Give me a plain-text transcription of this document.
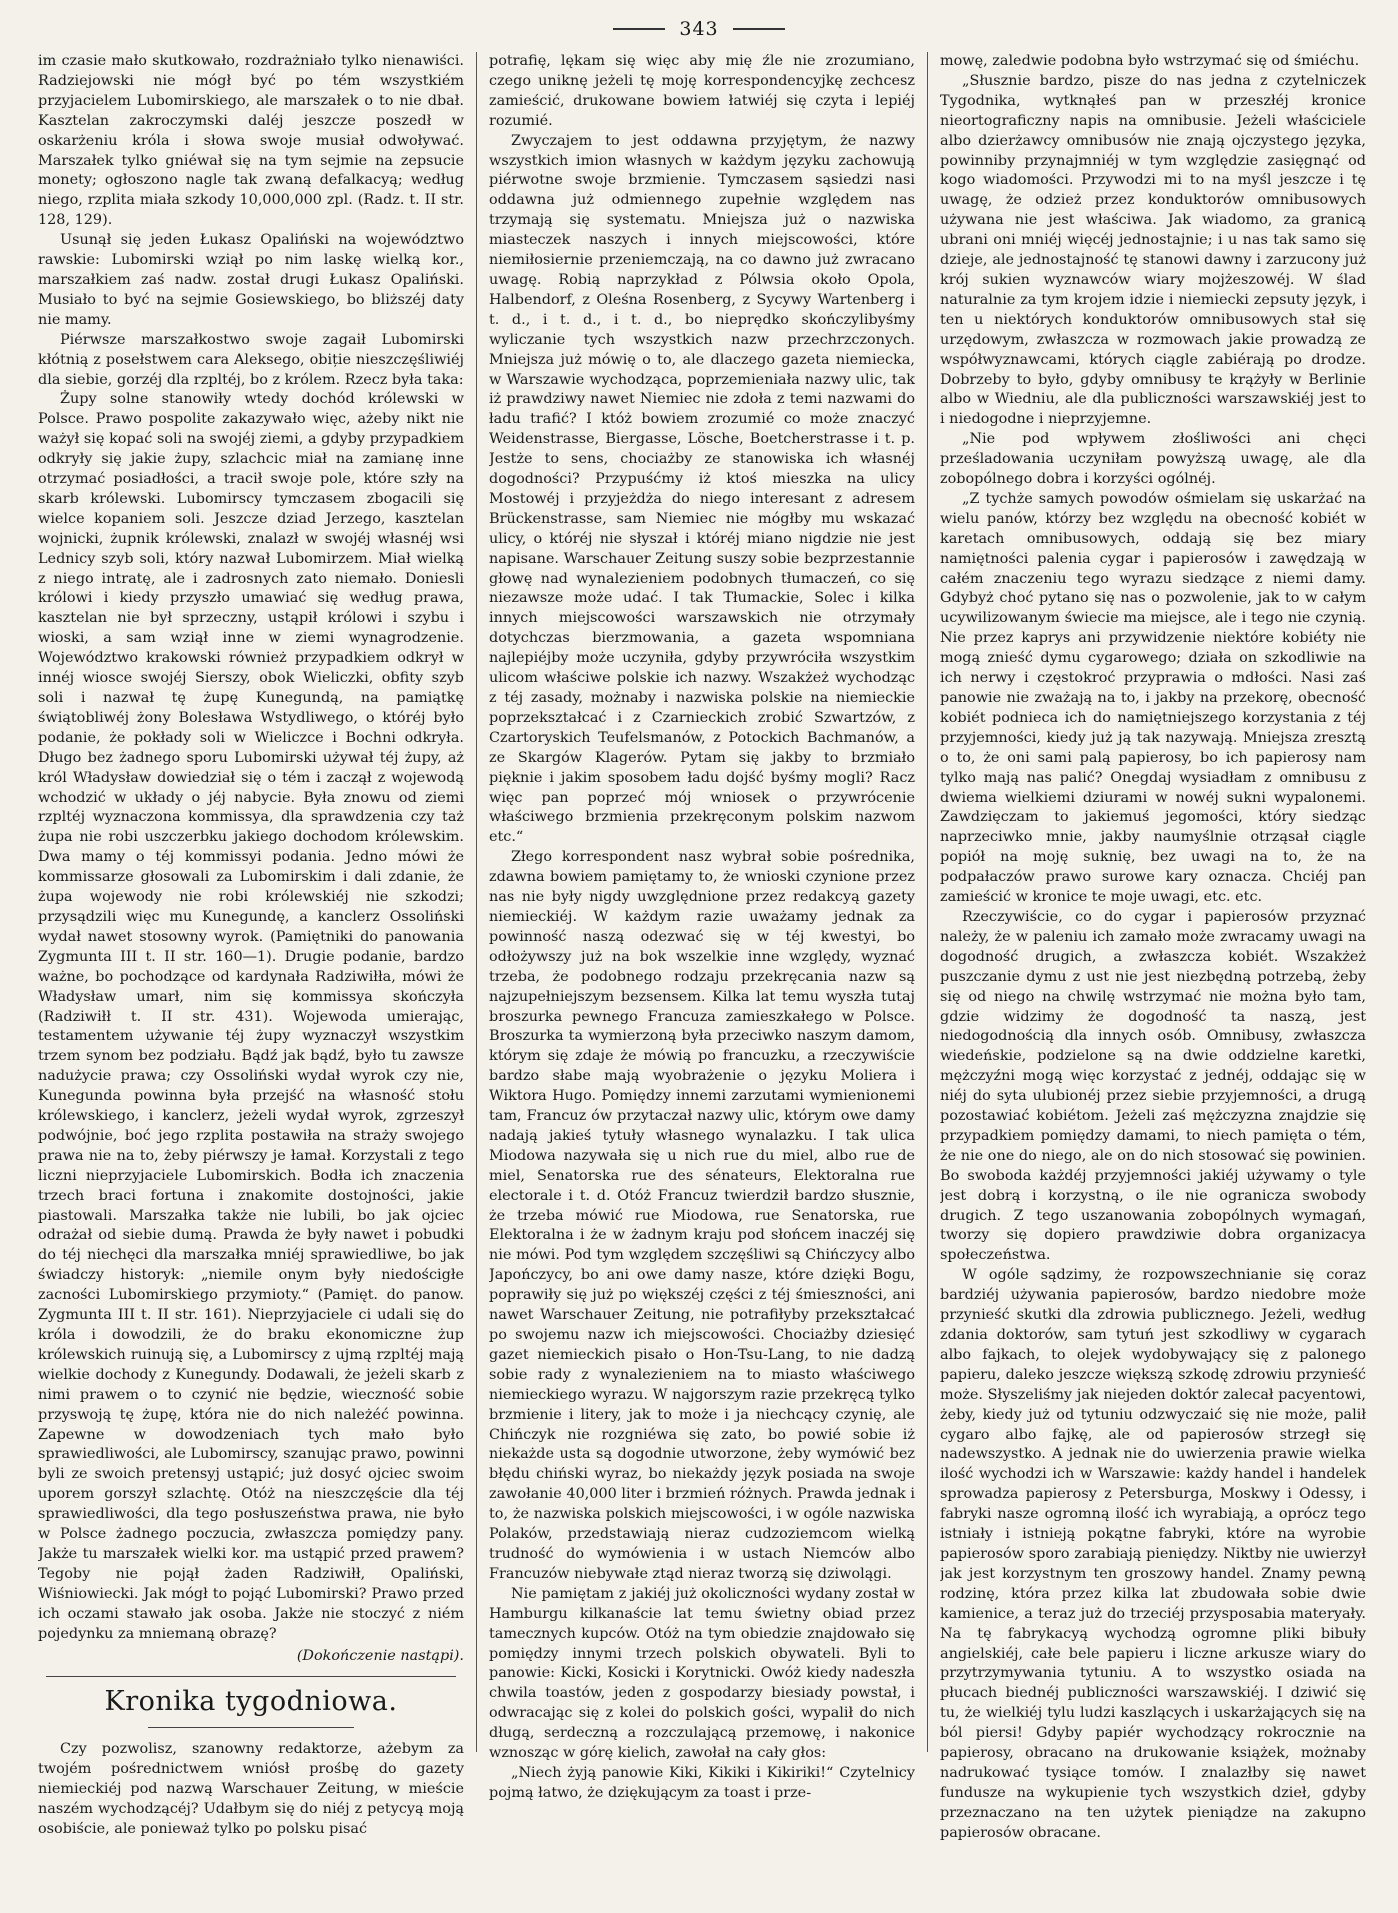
343

im czasie mało skutkowało, rozdrażniało tylko nienawiści. Radziejowski nie mógł być po tém wszystkiém przyjacielem Lubomirskiego, ale marszałek o to nie dbał. Kasztelan zakroczymski daléj jeszcze poszedł w oskarżeniu króla i słowa swoje musiał odwoływać. Marszałek tylko gniéwał się na tym sejmie na zepsucie monety; ogłoszono nagle tak zwaną defalkacyą; według niego, rzplita miała szkody 10,000,000 zpl. (Radz. t. II str. 128, 129).

Usunął się jeden Łukasz Opaliński na województwo rawskie: Lubomirski wziął po nim laskę wielką kor., marszałkiem zaś nadw. został drugi Łukasz Opaliński. Musiało to być na sejmie Gosiewskiego, bo bliższéj daty nie mamy.

Piérwsze marszałkostwo swoje zagaił Lubomirski kłótnią z posełstwem cara Aleksego, obiție nieszczęśliwiéj dla siebie, gorzéj dla rzpltéj, bo z królem. Rzecz była taka:

Żupy solne stanowiły wtedy dochód królewski w Polsce. Prawo pospolite zakazywało więc, ażeby nikt nie ważył się kopać soli na swojéj ziemi, a gdyby przypadkiem odkryły się jakie żupy, szlachcic miał na zamianę inne otrzymać posiadłości, a tracił swoje pole, które szły na skarb królewski. Lubomirscy tymczasem zbogacili się wielce kopaniem soli. Jeszcze dziad Jerzego, kasztelan wojnicki, żupnik królewski, znalazł w swojéj własnéj wsi Lednicy szyb soli, który nazwał Lubomirzem. Miał wielką z niego intratę, ale i zadrosnych zato niemało. Doniesli królowi i kiedy przyszło umawiać się według prawa, kasztelan nie był sprzeczny, ustąpił królowi i szybu i wioski, a sam wziął inne w ziemi wynagrodzenie. Województwo krakowski również przypadkiem odkrył w innéj wiosce swojéj Sierszy, obok Wieliczki, obfity szyb soli i nazwał tę żupę Kunegundą, na pamiątkę świątobliwéj żony Bolesława Wstydliwego, o któréj było podanie, że pokłady soli w Wieliczce i Bochni odkryła. Długo bez żadnego sporu Lubomirski używał téj żupy, aż król Władysław dowiedział się o tém i zaczął z wojewodą wchodzić w układy o jéj nabycie. Była znowu od ziemi rzpltéj wyznaczona kommissya, dla sprawdzenia czy taż żupa nie robi uszczerbku jakiego dochodom królewskim. Dwa mamy o téj kommissyi podania. Jedno mówi że kommissarze głosowali za Lubomirskim i dali zdanie, że żupa wojewody nie robi królewskiéj nie szkodzi; przysądzili więc mu Kunegundę, a kanclerz Ossoliński wydał nawet stosowny wyrok. (Pamiętniki do panowania Zygmunta III t. II str. 160—1). Drugie podanie, bardzo ważne, bo pochodzące od kardynała Radziwiłła, mówi że Władysław umarł, nim się kommissya skończyła (Radziwiłł t. II str. 431). Wojewoda umierając, testamentem używanie téj żupy wyznaczył wszystkim trzem synom bez podziału. Bądź jak bądź, było tu zawsze nadużycie prawa; czy Ossoliński wydał wyrok czy nie, Kunegunda powinna była przejść na własność stołu królewskiego, i kanclerz, jeżeli wydał wyrok, zgrzeszył podwójnie, boć jego rzplita postawiła na straży swojego prawa nie na to, żeby piérwszy je łamał. Korzystali z tego liczni nieprzyjaciele Lubomirskich. Bodła ich znaczenia trzech braci fortuna i znakomite dostojności, jakie piastowali. Marszałka także nie lubili, bo jak ojciec odrażał od siebie dumą. Prawda że były nawet i pobudki do téj niechęci dla marszałka mniéj sprawiedliwe, bo jak świadczy historyk: „niemile onym były niedościgłe zacności Lubomirskiego przymioty.“ (Pamięt. do panow. Zygmunta III t. II str. 161). Nieprzyjaciele ci udali się do króla i dowodzili, że do braku ekonomiczne żup królewskich ruinują się, a Lubomirscy z ujmą rzpltéj mają wielkie dochody z Kunegundy. Dodawali, że jeżeli skarb z nimi prawem o to czynić nie będzie, wieczność sobie przyswoją tę żupę, która nie do nich należéć powinna. Zapewne w dowodzeniach tych mało było sprawiedliwości, ale Lubomirscy, szanując prawo, powinni byli ze swoich pretensyj ustąpić; już dosyć ojciec swoim uporem gorszył szlachtę. Otóż na nieszczęście dla téj sprawiedliwości, dla tego posłuszeństwa prawa, nie było w Polsce żadnego poczucia, zwłaszcza pomiędzy pany. Jakże tu marszałek wielki kor. ma ustąpić przed prawem? Tegoby nie pojął żaden Radziwiłł, Opaliński, Wiśniowiecki. Jak mógł to pojąć Lubomirski? Prawo przed ich oczami stawało jak osoba. Jakże nie stoczyć z niém pojedynku za mniemaną obrazę?

(Dokończenie nastąpi).

Kronika tygodniowa.

Czy pozwolisz, szanowny redaktorze, ażebym za twojém pośrednictwem wniósł prośbę do gazety niemieckiéj pod nazwą Warschauer Zeitung, w mieście naszém wychodzącéj? Udałbym się do niéj z petycyą moją osobiście, ale ponieważ tylko po polsku pisać

potrafię, lękam się więc aby mię źle nie zrozumiano, czego uniknę jeżeli tę moję korrespondencyjkę zechcesz zamieścić, drukowane bowiem łatwiéj się czyta i lepiéj rozumié.

Zwyczajem to jest oddawna przyjętym, że nazwy wszystkich imion własnych w każdym języku zachowują piérwotne swoje brzmienie. Tymczasem sąsiedzi nasi oddawna już odmiennego zupełnie względem nas trzymają się systematu. Mniejsza już o nazwiska miasteczek naszych i innych miejscowości, które niemiłosiernie przeniemczają, na co dawno już zwracano uwagę. Robią naprzykład z Pólwsia około Opola, Halbendorf, z Oleśna Rosenberg, z Sycywy Wartenberg i t. d., i t. d., i t. d., bo nieprędko skończylibyśmy wyliczanie tych wszystkich nazw przechrzczonych. Mniejsza już mówię o to, ale dlaczego gazeta niemiecka, w Warszawie wychodząca, poprzemieniała nazwy ulic, tak iż prawdziwy nawet Niemiec nie zdoła z temi nazwami do ładu trafić? I któż bowiem zrozumié co może znaczyć Weidenstrasse, Biergasse, Lösche, Boetcherstrasse i t. p. Jestże to sens, chociażby ze stanowiska ich własnéj dogodności? Przypuśćmy iż ktoś mieszka na ulicy Mostowéj i przyjeżdża do niego interesant z adresem Brückenstrasse, sam Niemiec nie mógłby mu wskazać ulicy, o któréj nie słyszał i któréj miano nigdzie nie jest napisane. Warschauer Zeitung suszy sobie bezprzestannie głowę nad wynalezieniem podobnych tłumaczeń, co się niezawsze może udać. I tak Tłumackie, Solec i kilka innych miejscowości warszawskich nie otrzymały dotychczas bierzmowania, a gazeta wspomniana najlepiéjby może uczyniła, gdyby przywróciła wszystkim ulicom właściwe polskie ich nazwy. Wszakżeż wychodząc z téj zasady, możnaby i nazwiska polskie na niemieckie poprzekształcać i z Czarnieckich zrobić Szwartzów, z Czartoryskich Teufelsmanów, z Potockich Bachmanów, a ze Skargów Klagerów. Pytam się jakby to brzmiało pięknie i jakim sposobem ładu dojść byśmy mogli? Racz więc pan poprzeć mój wniosek o przywrócenie właściwego brzmienia przekręconym polskim nazwom etc.“

Złego korrespondent nasz wybrał sobie pośrednika, zdawna bowiem pamiętamy to, że wnioski czynione przez nas nie były nigdy uwzględnione przez redakcyą gazety niemieckiéj. W każdym razie uważamy jednak za powinność naszą odezwać się w téj kwestyi, bo odłożywszy już na bok wszelkie inne względy, wyznać trzeba, że podobnego rodzaju przekręcania nazw są najzupełniejszym bezsensem. Kilka lat temu wyszła tutaj broszurka pewnego Francuza zamieszkałego w Polsce. Broszurka ta wymierzoną była przeciwko naszym damom, którym się zdaje że mówią po francuzku, a rzeczywiście bardzo słabe mają wyobrażenie o języku Moliera i Wiktora Hugo. Pomiędzy innemi zarzutami wymienionemi tam, Francuz ów przytaczał nazwy ulic, którym owe damy nadają jakieś tytuły własnego wynalazku. I tak ulica Miodowa nazywała się u nich rue du miel, albo rue de miel, Senatorska rue des sénateurs, Elektoralna rue electorale i t. d. Otóż Francuz twierdził bardzo słusznie, że trzeba mówić rue Miodowa, rue Senatorska, rue Elektoralna i że w żadnym kraju pod słońcem inaczéj się nie mówi. Pod tym względem szczęśliwi są Chińczycy albo Japończycy, bo ani owe damy nasze, które dzięki Bogu, poprawiły się już po większéj części z téj śmieszności, ani nawet Warschauer Zeitung, nie potrafiłyby przekształcać po swojemu nazw ich miejscowości. Chociażby dziesięć gazet niemieckich pisało o Hon-Tsu-Lang, to nie dadzą sobie rady z wynalezieniem na to miasto właściwego niemieckiego wyrazu. W najgorszym razie przekręcą tylko brzmienie i litery, jak to może i ja niechcący czynię, ale Chińczyk nie rozgniéwa się zato, bo powié sobie iż niekażde usta są dogodnie utworzone, żeby wymówić bez błędu chiński wyraz, bo niekażdy język posiada na swoje zawołanie 40,000 liter i brzmień różnych. Prawda jednak i to, że nazwiska polskich miejscowości, i w ogóle nazwiska Polaków, przedstawiają nieraz cudzoziemcom wielką trudność do wymówienia i w ustach Niemców albo Francuzów niebywałe ztąd nieraz tworzą się dziwolągi.

Nie pamiętam z jakiéj już okoliczności wydany został w Hamburgu kilkanaście lat temu świetny obiad przez tamecznych kupców. Otóż na tym obiedzie znajdowało się pomiędzy innymi trzech polskich obywateli. Byli to panowie: Kicki, Kosicki i Korytnicki. Owóż kiedy nadeszła chwila toastów, jeden z gospodarzy biesiady powstał, i odwracając się z kolei do polskich gości, wypalił do nich długą, serdeczną a rozczulającą przemowę, i nakonice wznosząc w górę kielich, zawołał na cały głos:

„Niech żyją panowie Kiki, Kikiki i Kikiriki!“ Czytelnicy pojmą łatwo, że dziękującym za toast i prze-

mowę, zaledwie podobna było wstrzymać się od śmiéchu.

„Słusznie bardzo, pisze do nas jedna z czytelniczek Tygodnika, wytknąłeś pan w przeszłéj kronice nieortograficzny napis na omnibusie. Jeżeli właściciele albo dzierżawcy omnibusów nie znają ojczystego języka, powinniby przynajmniéj w tym względzie zasięgnąć od kogo wiadomości. Przywodzi mi to na myśl jeszcze i tę uwagę, że odzież przez konduktorów omnibusowych używana nie jest właściwa. Jak wiadomo, za granicą ubrani oni mniéj więcéj jednostajnie; i u nas tak samo się dzieje, ale jednostajność tę stanowi dawny i zarzucony już krój sukien wyznawców wiary mojżeszowéj. W ślad naturalnie za tym krojem idzie i niemiecki zepsuty język, i ten u niektórych konduktorów omnibusowych stał się urzędowym, zwłaszcza w rozmowach jakie prowadzą ze współwyznawcami, których ciągle zabiérają po drodze. Dobrzeby to było, gdyby omnibusy te krążyły w Berlinie albo w Wiedniu, ale dla publiczności warszawskiéj jest to i niedogodne i nieprzyjemne.

„Nie pod wpływem złośliwości ani chęci prześladowania uczyniłam powyższą uwagę, ale dla zobopólnego dobra i korzyści ogólnéj.

„Z tychże samych powodów ośmielam się uskarżać na wielu panów, którzy bez względu na obecność kobiét w karetach omnibusowych, oddają się bez miary namiętności palenia cygar i papierosów i zawędzają w całém znaczeniu tego wyrazu siedzące z niemi damy. Gdybyż choć pytano się nas o pozwolenie, jak to w całym ucywilizowanym świecie ma miejsce, ale i tego nie czynią. Nie przez kaprys ani przywidzenie niektóre kobiéty nie mogą znieść dymu cygarowego; działa on szkodliwie na ich nerwy i częstokroć przyprawia o mdłości. Nasi zaś panowie nie zważają na to, i jakby na przekorę, obecność kobiét podnieca ich do namiętniejszego korzystania z téj przyjemności, kiedy już ją tak nazywają. Mniejsza zresztą o to, że oni sami palą papierosy, bo ich papierosy nam tylko mają nas palić? Onegdaj wysiadłam z omnibusu z dwiema wielkiemi dziurami w nowéj sukni wypalonemi. Zawdzięczam to jakiemuś jegomości, który siedząc naprzeciwko mnie, jakby naumyślnie otrząsał ciągle popiół na moję suknię, bez uwagi na to, że na podpałaczów prawo surowe kary oznacza. Chciéj pan zamieścić w kronice te moje uwagi, etc. etc.

Rzeczywiście, co do cygar i papierosów przyznać należy, że w paleniu ich zamało może zwracamy uwagi na dogodność drugich, a zwłaszcza kobiét. Wszakżeż puszczanie dymu z ust nie jest niezbędną potrzebą, żeby się od niego na chwilę wstrzymać nie można było tam, gdzie widzimy że dogodność ta naszą, jest niedogodnością dla innych osób. Omnibusy, zwłaszcza wiedeńskie, podzielone są na dwie oddzielne karetki, mężczyźni mogą więc korzystać z jednéj, oddając się w niéj do syta ulubionéj przez siebie przyjemności, a drugą pozostawiać kobiétom. Jeżeli zaś mężczyzna znajdzie się przypadkiem pomiędzy damami, to niech pamięta o tém, że nie one do niego, ale on do nich stosować się powinien. Bo swoboda każdéj przyjemności jakiéj używamy o tyle jest dobrą i korzystną, o ile nie ogranicza swobody drugich. Z tego uszanowania zobopólnych wymagań, tworzy się dopiero prawdziwie dobra organizacya społeczeństwa.

W ogóle sądzimy, że rozpowszechnianie się coraz bardziéj używania papierosów, bardzo niedobre może przynieść skutki dla zdrowia publicznego. Jeżeli, według zdania doktorów, sam tytuń jest szkodliwy w cygarach albo fajkach, to olejek wydobywający się z palonego papieru, daleko jeszcze większą szkodę zdrowiu przynieść może. Słyszeliśmy jak niejeden doktór zalecał pacyentowi, żeby, kiedy już od tytuniu odzwyczaić się nie może, palił cygaro albo fajkę, ale od papierosów strzegł się nadewszystko. A jednak nie do uwierzenia prawie wielka ilość wychodzi ich w Warszawie: każdy handel i handelek sprowadza papierosy z Petersburga, Moskwy i Odessy, i fabryki nasze ogromną ilość ich wyrabiają, a oprócz tego istniały i istnieją pokątne fabryki, które na wyrobie papierosów sporo zarabiają pieniędzy. Niktby nie uwierzył jak jest korzystnym ten groszowy handel. Znamy pewną rodzinę, która przez kilka lat zbudowała sobie dwie kamienice, a teraz już do trzeciéj przysposabia materyały. Na tę fabrykacyą wychodzą ogromne pliki bibuły angielskiéj, całe bele papieru i liczne arkusze wiary do przytrzymywania tytuniu. A to wszystko osiada na płucach biednéj publiczności warszawskiéj. I dziwić się tu, że wielkiéj tylu ludzi kaszlących i uskarżających się na ból piersi! Gdyby papiér wychodzący rokrocznie na papierosy, obracano na drukowanie książek, możnaby nadrukować tysiące tomów. I znalazłby się nawet fundusze na wykupienie tych wszystkich dzieł, gdyby przeznaczano na ten użytek pieniądze na zakupno papierosów obracane.
